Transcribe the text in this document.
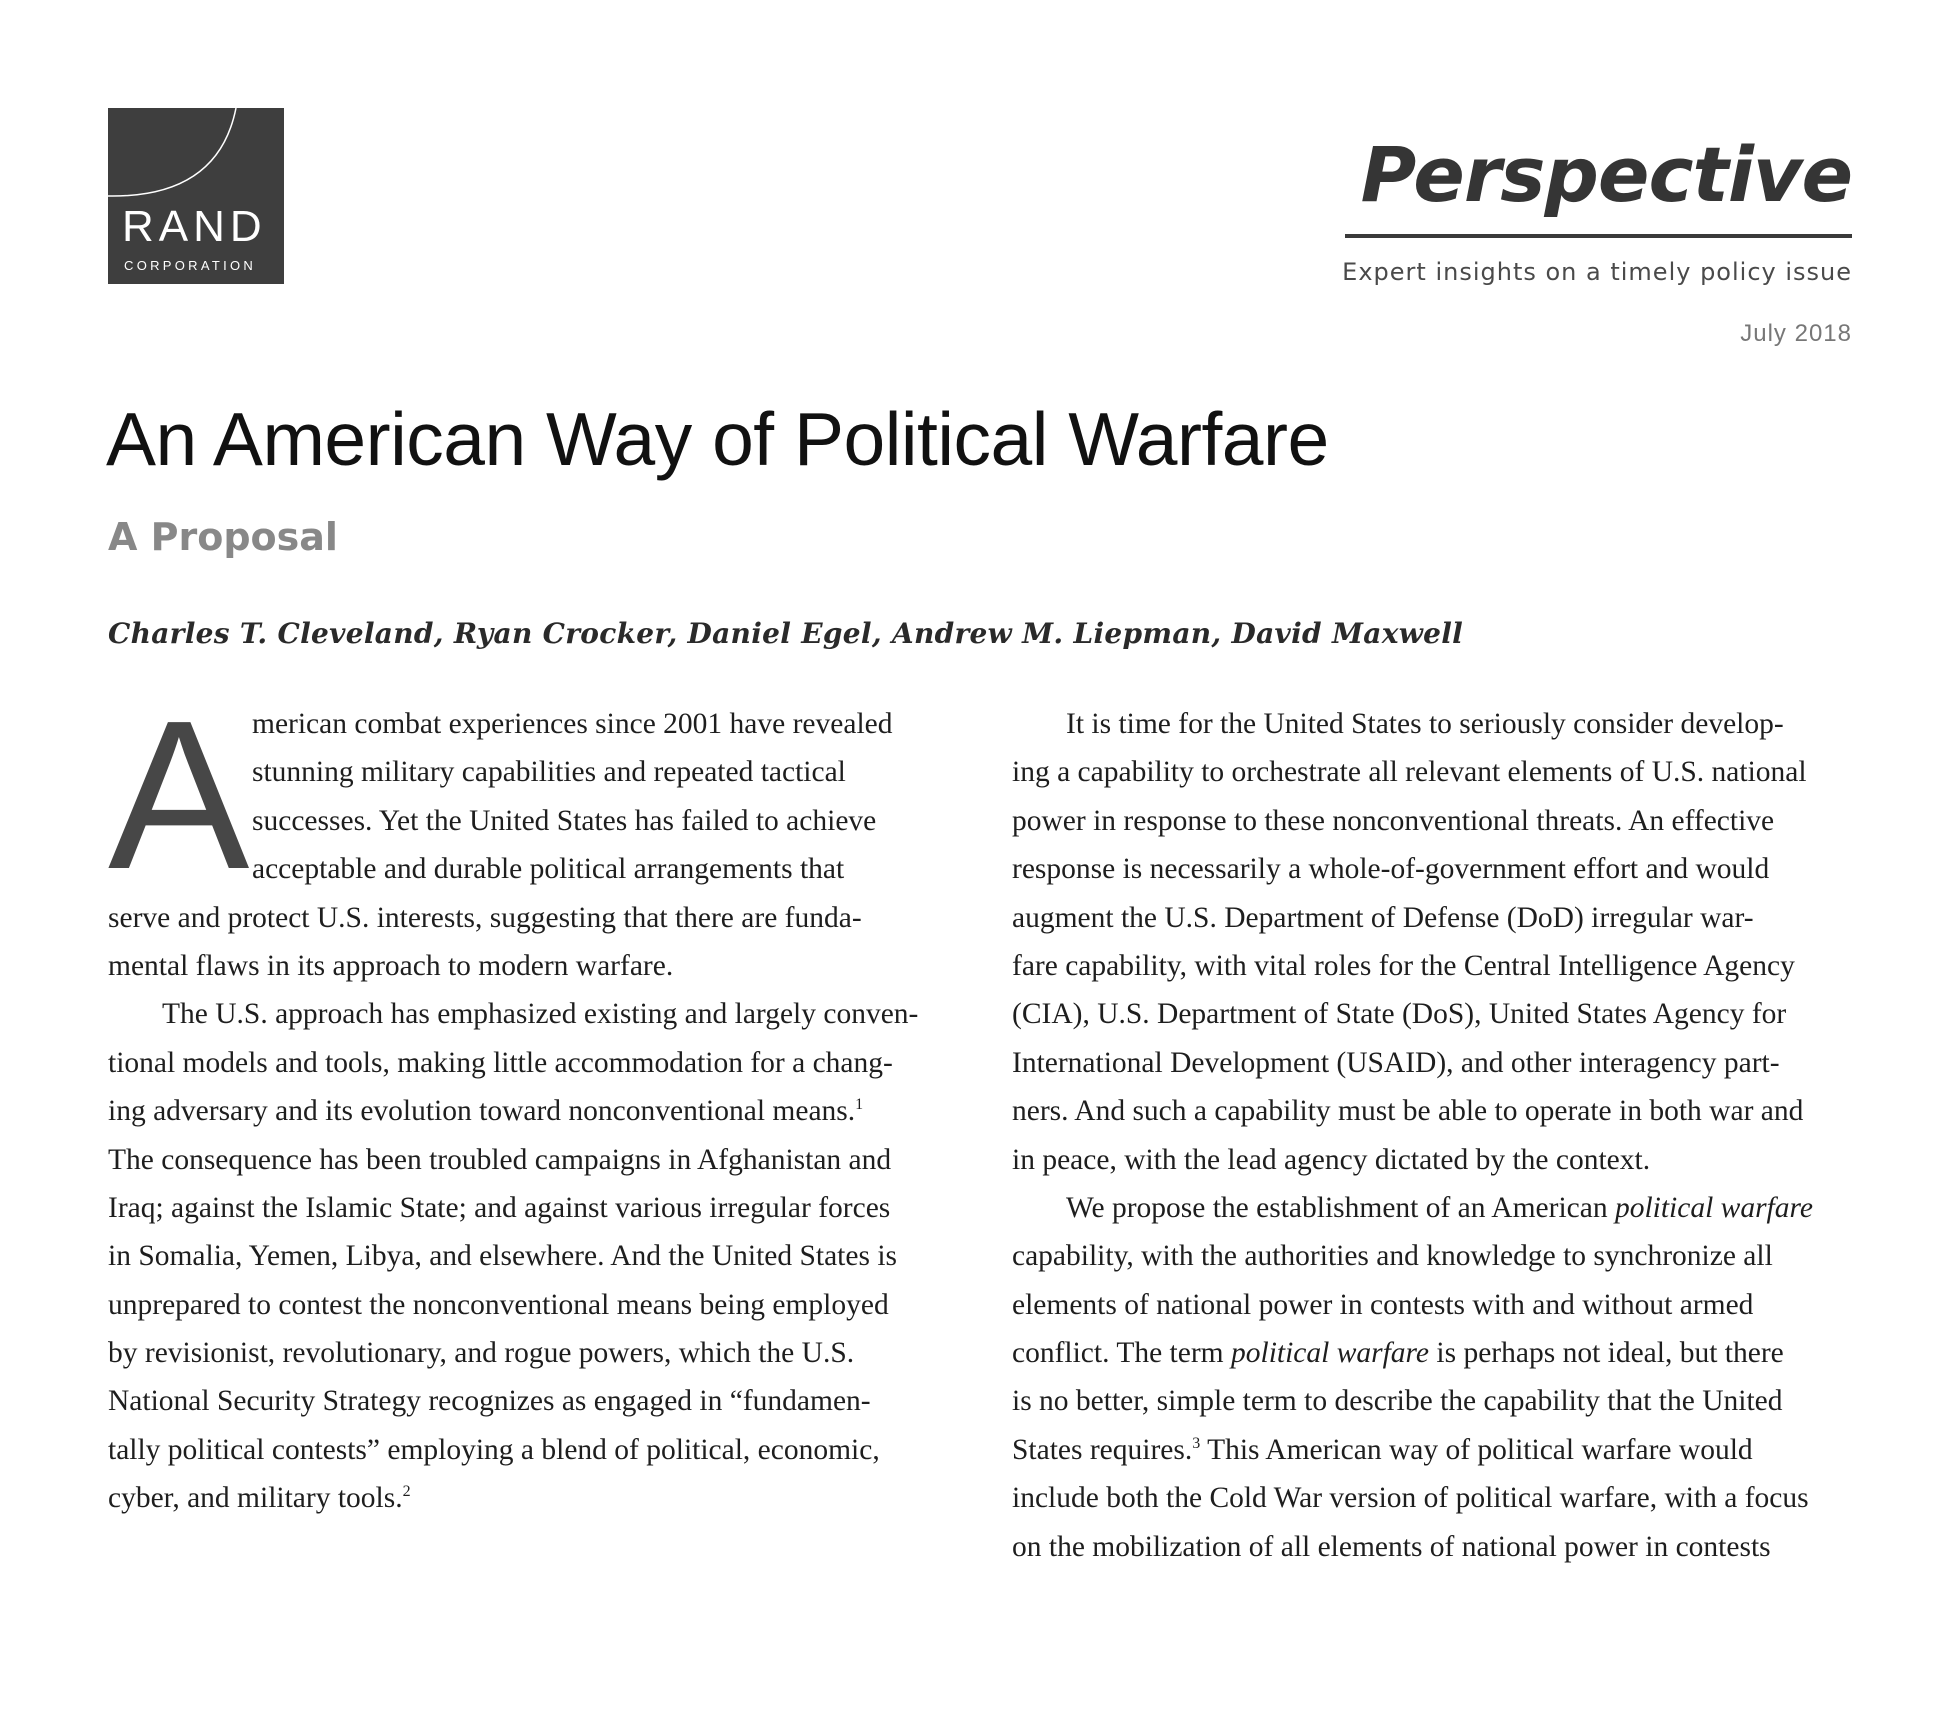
RAND
CORPORATION
Perspective
Expert insights on a timely policy issue
July 2018
An American Way of Political Warfare
A Proposal
Charles T. Cleveland, Ryan Crocker, Daniel Egel, Andrew M. Liepman, David Maxwell
A merican combat experiences since 2001 have revealed
stunning military capabilities and repeated tactical
successes. Yet the United States has failed to achieve
acceptable and durable political arrangements that
serve and protect U.S. interests, suggesting that there are funda-
mental flaws in its approach to modern warfare.
The U.S. approach has emphasized existing and largely conven-
tional models and tools, making little accommodation for a chang-
ing adversary and its evolution toward nonconventional means.$^1$
The consequence has been troubled campaigns in Afghanistan and
Iraq; against the Islamic State; and against various irregular forces
in Somalia, Yemen, Libya, and elsewhere. And the United States is
unprepared to contest the nonconventional means being employed
by revisionist, revolutionary, and rogue powers, which the U.S.
National Security Strategy recognizes as engaged in “fundamen-
tally political contests” employing a blend of political, economic,
cyber, and military tools.$^2$
It is time for the United States to seriously consider develop-
ing a capability to orchestrate all relevant elements of U.S. national
power in response to these nonconventional threats. An effective
response is necessarily a whole-of-government effort and would
augment the U.S. Department of Defense (DoD) irregular war-
fare capability, with vital roles for the Central Intelligence Agency
(CIA), U.S. Department of State (DoS), United States Agency for
International Development (USAID), and other interagency part-
ners. And such a capability must be able to operate in both war and
in peace, with the lead agency dictated by the context.
We propose the establishment of an American political warfare
capability, with the authorities and knowledge to synchronize all
elements of national power in contests with and without armed
conflict. The term political warfare is perhaps not ideal, but there
is no better, simple term to describe the capability that the United
States requires.$^3$ This American way of political warfare would
include both the Cold War version of political warfare, with a focus
on the mobilization of all elements of national power in contests
